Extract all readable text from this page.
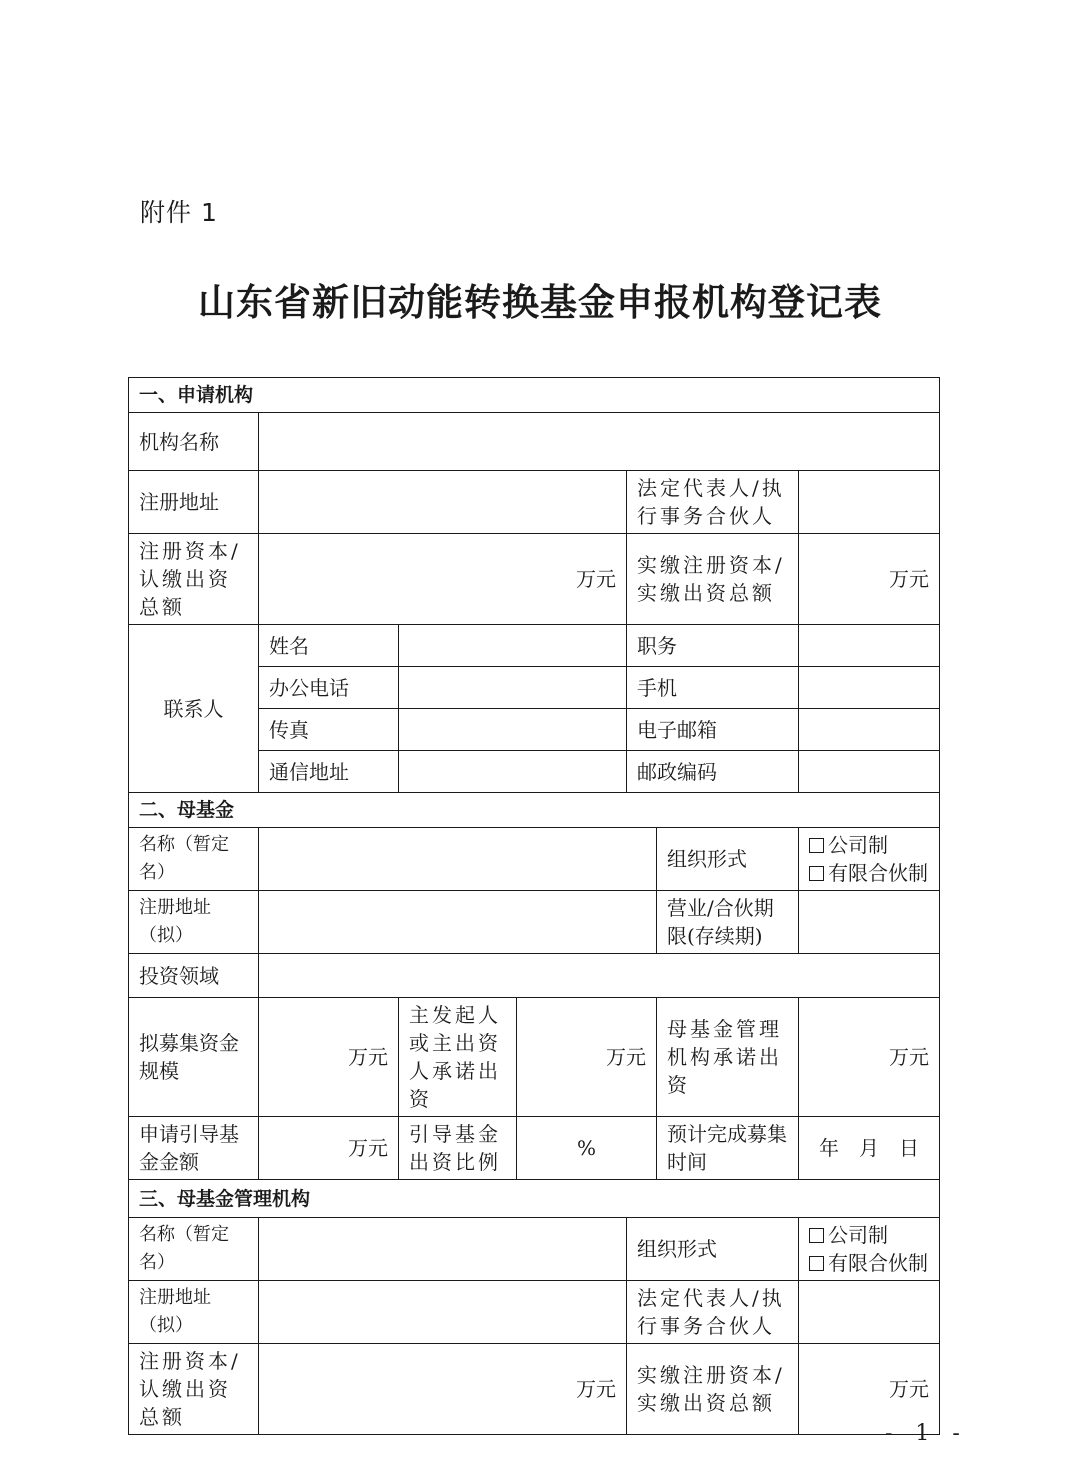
附件 1
山东省新旧动能转换基金申报机构登记表
一、申请机构						
机构名称						
注册地址				法定代表人/执行事务合伙人		
注册资本/认缴出资总额	万元			实缴注册资本/实缴出资总额		万元
联系人	姓名			职务		
	办公电话			手机		
	传真			电子邮箱		
	通信地址			邮政编码		
二、母基金						
名称（暂定名）					组织形式	公司制
有限合伙制

注册地址（拟）					营业/合伙期限(存续期)	
投资领域						
拟募集资金规模	万元	主发起人或主出资人承诺出资	万元		母基金管理机构承诺出资	万元
申请引导基金金额	万元	引导基金出资比例	%		预计完成募集时间	年　月　日
三、母基金管理机构						
名称（暂定名）				组织形式		公司制
有限合伙制

注册地址（拟）				法定代表人/执行事务合伙人		
注册资本/认缴出资总额	万元			实缴注册资本/实缴出资总额		万元
- 1 -
